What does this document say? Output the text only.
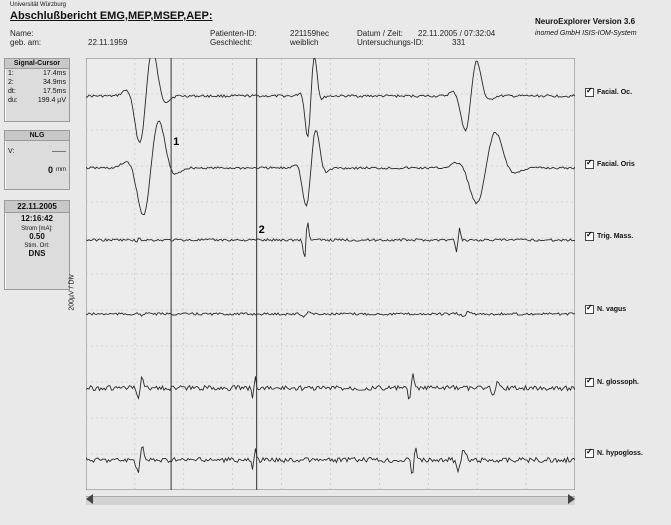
Universität Würzburg
Abschlußbericht EMG,MEP,MSEP,AEP:
Name:
geb. am:	22.11.1959
Patienten-ID:	221159hec
Geschlecht:	weiblich
Datum / Zeit: 22.11.2005 / 07:32:04
Untersuchungs-ID:	331
NeuroExplorer Version 3.6
inomed GmbH ISIS-IOM-System
Signal-Cursor
1:	17.4ms
2:	34.9ms
dt:	17.5ms
du:	199.4 µV
NLG
V:	——
0 mm
22.11.2005
12:16:42
Strom [mA]:
0.50
Stim. Ort:
DNS
200µV / Div
1
2
✓
Facial. Oc.
✓
Facial. Oris
✓
Trig. Mass.
✓
N. vagus
✓
N. glossoph.
✓
N. hypogloss.
